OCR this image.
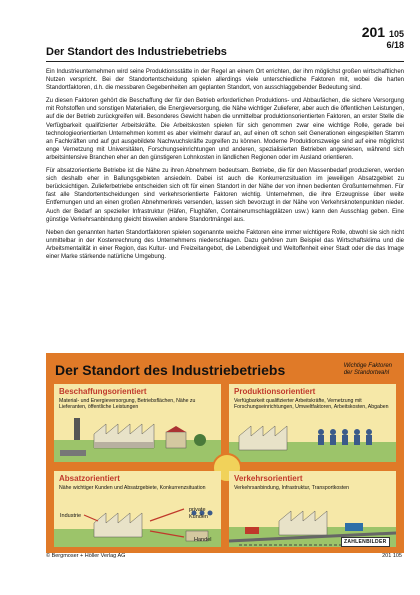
201 105
6/18
Der Standort des Industriebetriebs

Ein Industrieunternehmen wird seine Produktionsstätte in der Regel an einem Ort errichten, der ihm möglichst großen wirtschaftlichen Nutzen verspricht. Bei der Standortentscheidung spielen allerdings viele unterschiedliche Faktoren mit, wobei die harten Standortfaktoren, d.h. die messbaren Gegebenheiten am geplanten Standort, von ausschlaggebender Bedeutung sind.

Zu diesen Faktoren gehört die Beschaffung der für den Betrieb erforderlichen Produktions- und Abbaufächen, die sichere Versorgung mit Rohstoffen und sonstigen Materialien, die Energieversorgung, die Nähe wichtiger Zulieferer, aber auch die öffentlichen Leistungen, auf die der Betrieb zurückgreifen will. Besonderes Gewicht haben die unmittelbar produktionsorientierten Faktoren, an erster Stelle die Verfügbarkeit qualifizierter Arbeitskräfte. Die Arbeitskosten spielen für sich genommen zwar eine wichtige Rolle, gerade bei technologieorientierten Unternehmen kommt es aber vielmehr darauf an, auf einen oft schon seit Generationen eingespielten Stamm an Fachkräften und auf gut ausgebildete Nachwuchskräfte zugreifen zu können. Moderne Produktionszweige sind auf eine möglichst enge Vernetzung mit Universitäten, Forschungseinrichtungen und anderen, spezialisierten Betrieben angewiesen, während sich arbeitsintensive Branchen eher an den günstigeren Lohnkosten in ländlichen Regionen oder im Ausland orientieren.

Für absatzorientierte Betriebe ist die Nähe zu ihren Abnehmern bedeutsam. Betriebe, die für den Massenbedarf produzieren, werden sich deshalb eher in Ballungsgebieten ansiedeln. Dabei ist auch die Konkurrenzsituation im jeweiligen Absatzgebiet zu berücksichtigen. Zulieferbetriebe entscheiden sich oft für einen Standort in der Nähe der von ihnen bedienten Großunternehmen. Für fast alle Standortentscheidungen sind verkehrsorientierte Faktoren wichtig. Unternehmen, die ihre Erzeugnisse über weite Entfernungen und an einen großen Abnehmerkreis versenden, lassen sich bevorzugt in der Nähe von Verkehrsknotenpunkten nieder. Auch der Bedarf an spezieller Infrastruktur (Häfen, Flughäfen, Containerumschlagplätzen usw.) kann den Ausschlag geben. Eine günstige Verkehrsanbindung gleicht bisweilen andere Standortmängel aus.

Neben den genannten harten Standortfaktoren spielen sogenannte weiche Faktoren eine immer wichtigere Rolle, obwohl sie sich nicht unmittelbar in der Kostenrechnung des Unternehmens niederschlagen. Dazu gehören zum Beispiel das Wirtschaftsklima und die Arbeitsmentalität in einer Region, das Kultur- und Freizeitangebot, die Lebendigkeit und Weltoffenheit einer Stadt oder die das Image einer Marke stärkende natürliche Umgebung.

Der Standort des Industriebetriebs	Wichtige Faktoren
der Standortwahl
Beschaffungsorientiert
Material- und Energieversorgung, Betriebsflächen, Nähe zu Lieferanten, öffentliche Leistungen
Produktionsorientiert
Verfügbarkeit qualifizierter Arbeitskräfte, Vernetzung mit Forschungseinrichtungen, Umweltfaktoren, Arbeitskosten, Abgaben
Absatzorientiert
Nähe wichtiger Kunden und Absatzgebiete, Konkurrenzsituation
Industrie
private
Kunden
Handel
Verkehrsorientiert
Verkehrsanbindung, Infrastruktur, Transportkosten
© Bergmoser + Höller Verlag AG
ZAHLENBILDER
201 105
